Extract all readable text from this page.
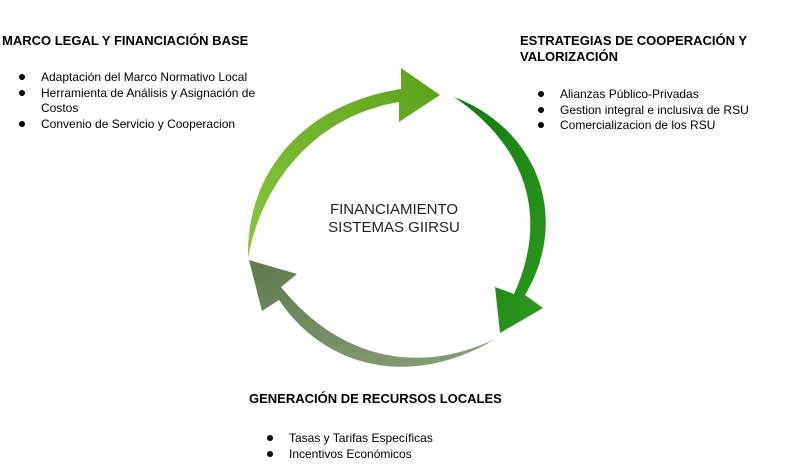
FINANCIAMIENTO
SISTEMAS GIIRSU
MARCO LEGAL Y FINANCIACIÓN BASE
Adaptación del Marco Normativo Local
Herramienta de Análisis y Asignación de Costos
Convenio de Servicio y Cooperacion
ESTRATEGIAS DE COOPERACIÓN Y VALORIZACIÓN
Alianzas Público-Privadas
Gestion integral e inclusiva de RSU
Comercializacion de los RSU
GENERACIÓN DE RECURSOS LOCALES
Tasas y Tarifas Específicas
Incentivos Económicos
